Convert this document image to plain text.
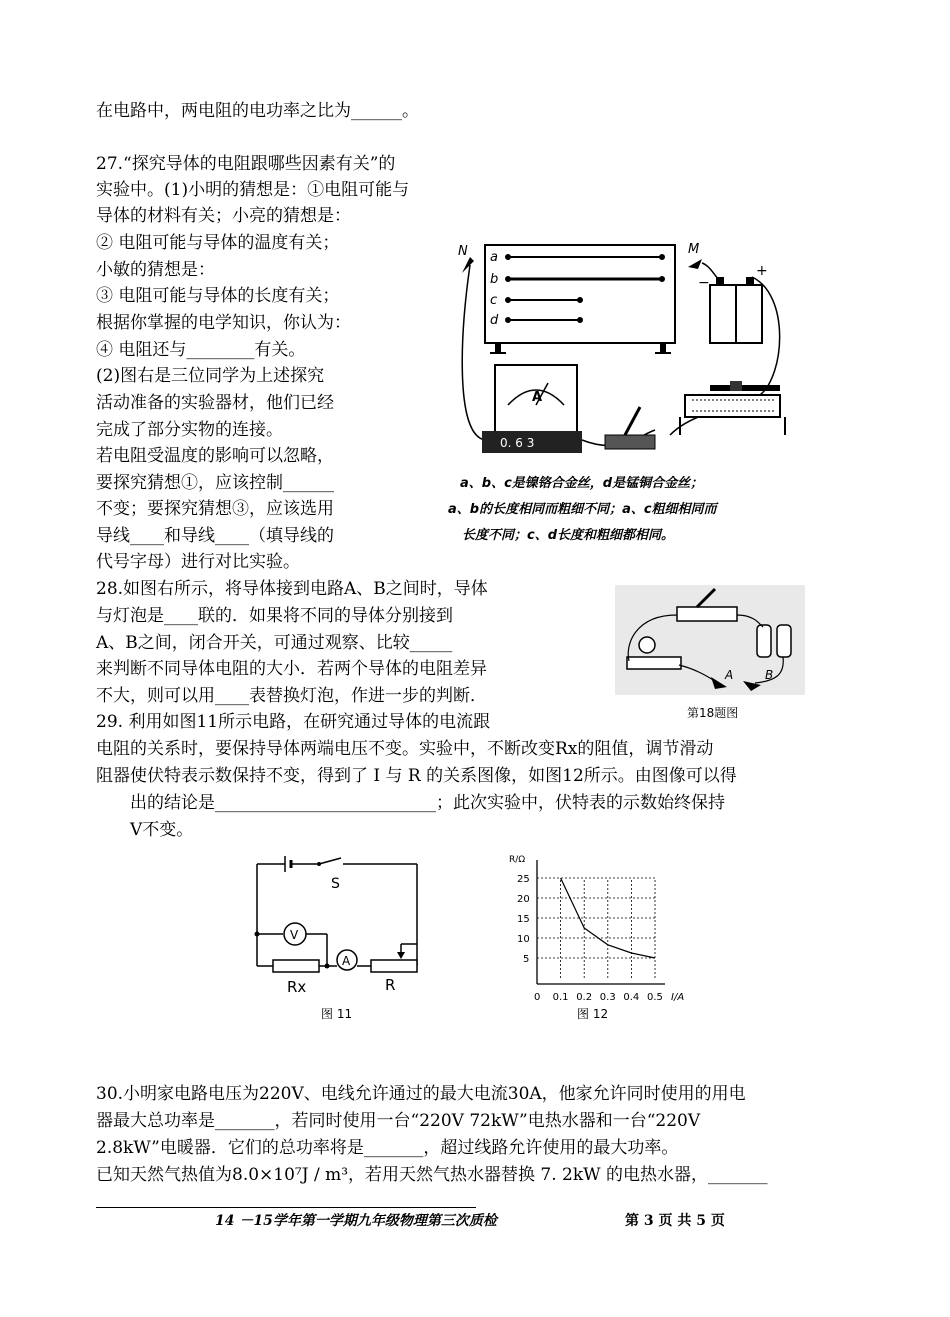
在电路中，两电阻的电功率之比为______。
27.“探究导体的电阻跟哪些因素有关”的
实验中。(1)小明的猜想是：①电阻可能与
导体的材料有关；小亮的猜想是：
② 电阻可能与导体的温度有关；
小敏的猜想是：
③ 电阻可能与导体的长度有关；
根据你掌握的电学知识，你认为：
④ 电阻还与________有关。
(2)图右是三位同学为上述探究
活动准备的实验器材，他们已经
完成了部分实物的连接。
若电阻受温度的影响可以忽略，
要探究猜想①，应该控制______
不变；要探究猜想③，应该选用
导线____和导线____（填导线的
代号字母）进行对比实验。
28.如图右所示，将导体接到电路A、B之间时，导体
与灯泡是____联的．如果将不同的导体分别接到
A、B之间，闭合开关，可通过观察、比较_____
来判断不同导体电阻的大小．若两个导体的电阻差异
不大，则可以用____表替换灯泡，作进一步的判断．
29. 利用如图11所示电路，在研究通过导体的电流跟
电阻的关系时，要保持导体两端电压不变。实验中，不断改变Rx的阻值，调节滑动
阻器使伏特表示数保持不变，得到了 I 与 R 的关系图像，如图12所示。由图像可以得
出的结论是__________________________；此次实验中，伏特表的示数始终保持
V不变。
30.小明家电路电压为220V、电线允许通过的最大电流30A，他家允许同时使用的用电
器最大总功率是_______，若同时使用一台“220V 72kW”电热水器和一台“220V
2.8kW”电暖器．它们的总功率将是_______，超过线路允许使用的最大功率。
已知天然气热值为8.0×10⁷J / m³，若用天然气热水器替换 7. 2kW 的电热水器，_______
a
b
c
d
N	M
−
+
A
0. 6 3
a、b、c是镍铬合金丝，d是锰铜合金丝；
a、b的长度相同而粗细不同；a、c粗细相同而
长度不同；c、d长度和粗细都相同。
A	B
第18题图
S
V
A
Rx	R
图 11
R/Ω
I/A
0 0.1 0.2 0.3 0.4 0.5
5
10
15
20
25
图 12
14 －15学年第一学期九年级物理第三次质检	第 3 页 共 5 页
